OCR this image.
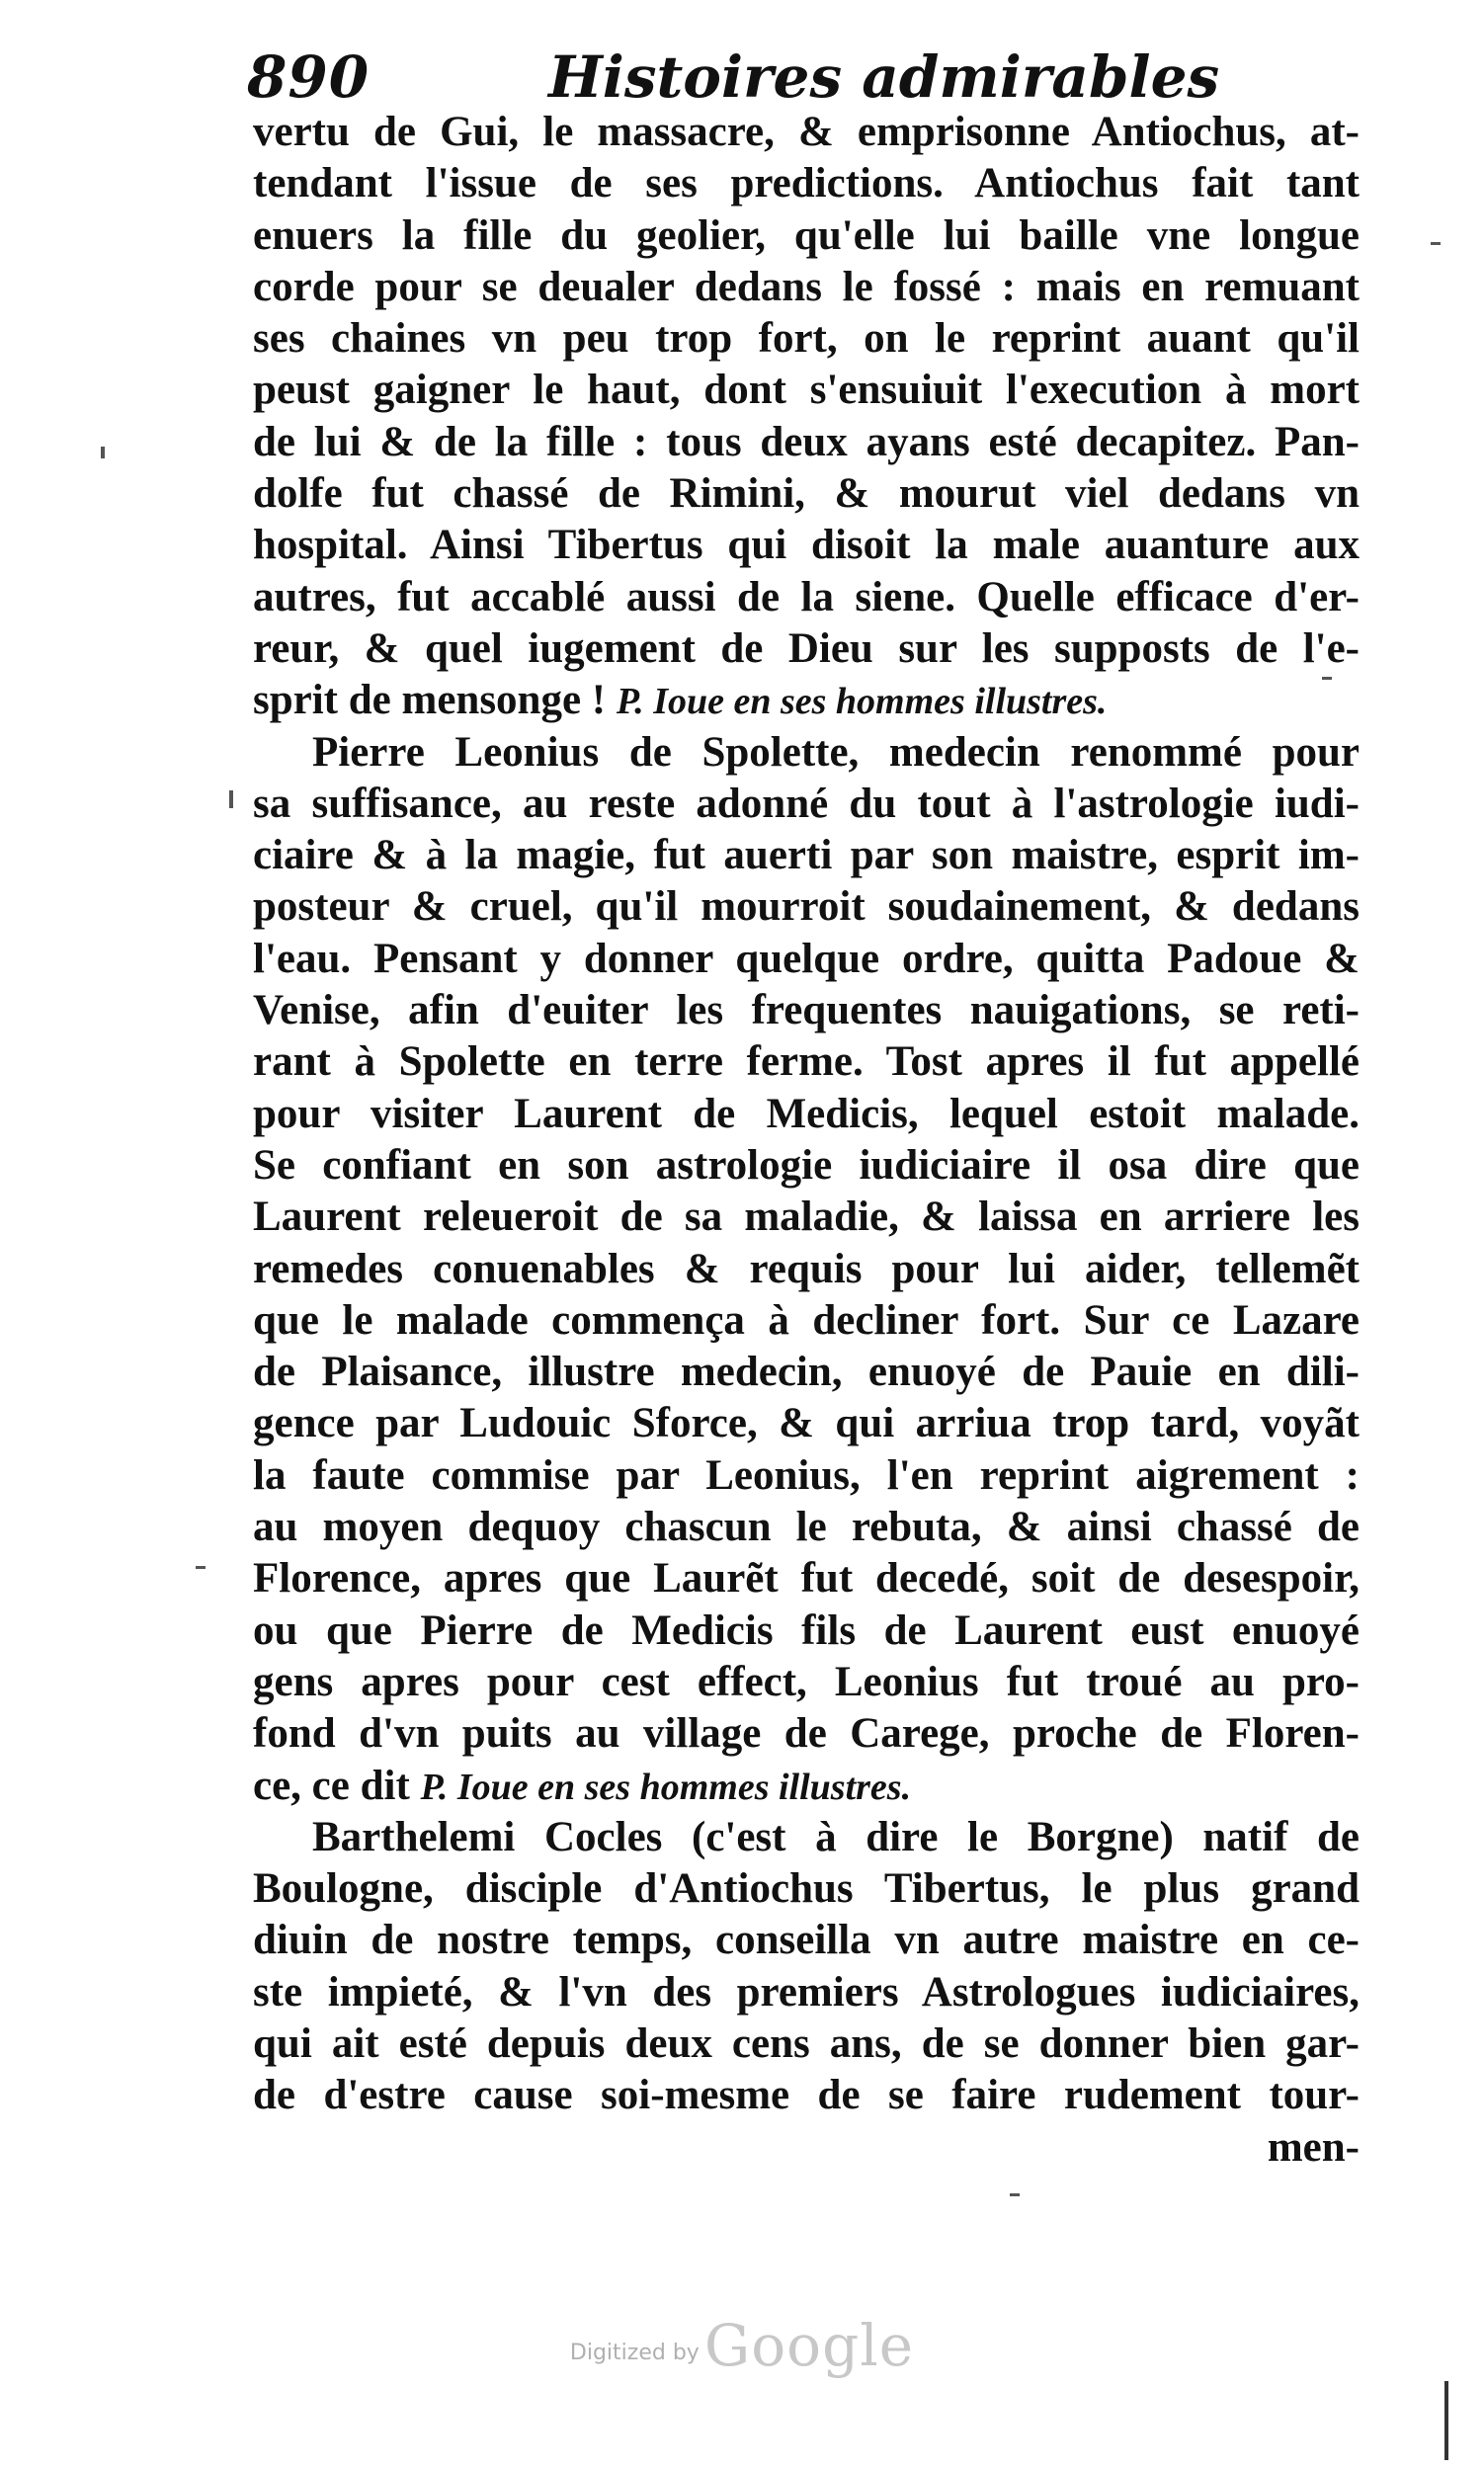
890	Histoires admirables
vertu de Gui, le massacre, & emprisonne Antiochus, at-
tendant l'issue de ses predictions. Antiochus fait tant
enuers la fille du geolier, qu'elle lui baille vne longue
corde pour se deualer dedans le fossé : mais en remuant
ses chaines vn peu trop fort, on le reprint auant qu'il
peust gaigner le haut, dont s'ensuiuit l'execution à mort
de lui & de la fille : tous deux ayans esté decapitez. Pan-
dolfe fut chassé de Rimini, & mourut viel dedans vn
hospital. Ainsi Tibertus qui disoit la male auanture aux
autres, fut accablé aussi de la siene. Quelle efficace d'er-
reur, & quel iugement de Dieu sur les supposts de l'e-
sprit de mensonge ! P. Ioue en ses hommes illustres.
Pierre Leonius de Spolette, medecin renommé pour
sa suffisance, au reste adonné du tout à l'astrologie iudi-
ciaire & à la magie, fut auerti par son maistre, esprit im-
posteur & cruel, qu'il mourroit soudainement, & dedans
l'eau. Pensant y donner quelque ordre, quitta Padoue &
Venise, afin d'euiter les frequentes nauigations, se reti-
rant à Spolette en terre ferme. Tost apres il fut appellé
pour visiter Laurent de Medicis, lequel estoit malade.
Se confiant en son astrologie iudiciaire il osa dire que
Laurent releueroit de sa maladie, & laissa en arriere les
remedes conuenables & requis pour lui aider, tellemẽt
que le malade commença à decliner fort. Sur ce Lazare
de Plaisance, illustre medecin, enuoyé de Pauie en dili-
gence par Ludouic Sforce, & qui arriua trop tard, voyãt
la faute commise par Leonius, l'en reprint aigrement :
au moyen dequoy chascun le rebuta, & ainsi chassé de
Florence, apres que Laurẽt fut decedé, soit de desespoir,
ou que Pierre de Medicis fils de Laurent eust enuoyé
gens apres pour cest effect, Leonius fut troué au pro-
fond d'vn puits au village de Carege, proche de Floren-
ce, ce dit P. Ioue en ses hommes illustres.
Barthelemi Cocles (c'est à dire le Borgne) natif de
Boulogne, disciple d'Antiochus Tibertus, le plus grand
diuin de nostre temps, conseilla vn autre maistre en ce-
ste impieté, & l'vn des premiers Astrologues iudiciaires,
qui ait esté depuis deux cens ans, de se donner bien gar-
de d'estre cause soi-mesme de se faire rudement tour-
men-
Digitized by Google
